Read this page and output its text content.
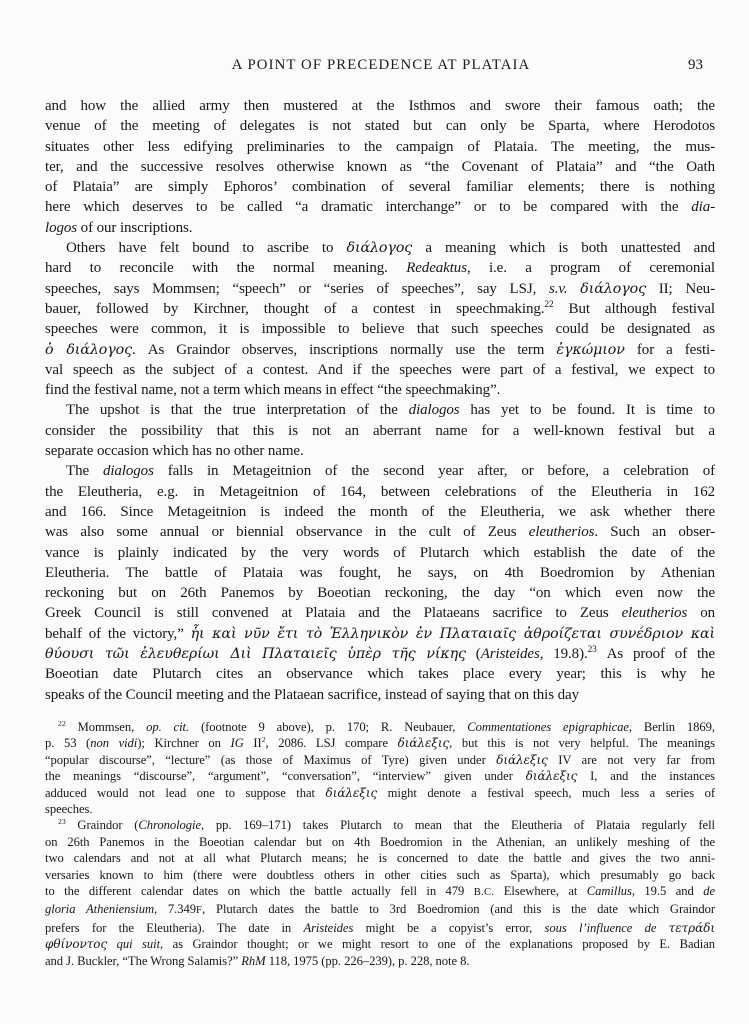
A POINT OF PRECEDENCE AT PLATAIA	93
and how the allied army then mustered at the Isthmos and swore their famous oath; the
venue of the meeting of delegates is not stated but can only be Sparta, where Herodotos
situates other less edifying preliminaries to the campaign of Plataia. The meeting, the mus-
ter, and the successive resolves otherwise known as “the Covenant of Plataia” and “the Oath
of Plataia” are simply Ephoros’ combination of several familiar elements; there is nothing
here which deserves to be called “a dramatic interchange” or to be compared with the dia-
logos of our inscriptions.
Others have felt bound to ascribe to διάλογος a meaning which is both unattested and
hard to reconcile with the normal meaning. Redeaktus, i.e. a program of ceremonial
speeches, says Mommsen; “speech” or “series of speeches”, say LSJ, s.v. διάλογος II; Neu-
bauer, followed by Kirchner, thought of a contest in speechmaking.$^{22}$ But although festival
speeches were common, it is impossible to believe that such speeches could be designated as
ὁ διάλογος. As Graindor observes, inscriptions normally use the term ἐγκώμιον for a festi-
val speech as the subject of a contest. And if the speeches were part of a festival, we expect to
find the festival name, not a term which means in effect “the speechmaking”.
The upshot is that the true interpretation of the dialogos has yet to be found. It is time to
consider the possibility that this is not an aberrant name for a well-known festival but a
separate occasion which has no other name.
The dialogos falls in Metageitnion of the second year after, or before, a celebration of
the Eleutheria, e.g. in Metageitnion of 164, between celebrations of the Eleutheria in 162
and 166. Since Metageitnion is indeed the month of the Eleutheria, we ask whether there
was also some annual or biennial observance in the cult of Zeus eleutherios. Such an obser-
vance is plainly indicated by the very words of Plutarch which establish the date of the
Eleutheria. The battle of Plataia was fought, he says, on 4th Boedromion by Athenian
reckoning but on 26th Panemos by Boeotian reckoning, the day “on which even now the
Greek Council is still convened at Plataia and the Plataeans sacrifice to Zeus eleutherios on
behalf of the victory,” ἧι καὶ νῦν ἔτι τὸ Ἑλληνικὸν ἐν Πλαταιαῖς ἀθροίζεται συνέδριον καὶ
θύουσι τῶι ἐλευθερίωι Διὶ Πλαταιεῖς ὑπὲρ τῆς νίκης (Aristeides, 19.8).$^{23}$ As proof of the
Boeotian date Plutarch cites an observance which takes place every year; this is why he
speaks of the Council meeting and the Plataean sacrifice, instead of saying that on this day
$^{22}$ Mommsen, op. cit. (footnote 9 above), p. 170; R. Neubauer, Commentationes epigraphicae, Berlin 1869,
p. 53 (non vidi); Kirchner on IG $II^2$, 2086. LSJ compare διάλεξις, but this is not very helpful. The meanings
“popular discourse”, “lecture” (as those of Maximus of Tyre) given under διάλεξις IV are not very far from
the meanings “discourse”, “argument”, “conversation”, “interview” given under διάλεξις I, and the instances
adduced would not lead one to suppose that διάλεξις might denote a festival speech, much less a series of
speeches.
$^{23}$ Graindor (Chronologie, pp. 169–171) takes Plutarch to mean that the Eleutheria of Plataia regularly fell
on 26th Panemos in the Boeotian calendar but on 4th Boedromion in the Athenian, an unlikely meshing of the
two calendars and not at all what Plutarch means; he is concerned to date the battle and gives the two anni-
versaries known to him (there were doubtless others in other cities such as Sparta), which presumably go back
to the different calendar dates on which the battle actually fell in 479 B.C. Elsewhere, at Camillus, 19.5 and de
gloria Atheniensium, 7.349F, Plutarch dates the battle to 3rd Boedromion (and this is the date which Graindor
prefers for the Eleutheria). The date in Aristeides might be a copyist’s error, sous l’influence de τετράδι
φθίνοντος qui suit, as Graindor thought; or we might resort to one of the explanations proposed by E. Badian
and J. Buckler, “The Wrong Salamis?” RhM 118, 1975 (pp. 226–239), p. 228, note 8.
